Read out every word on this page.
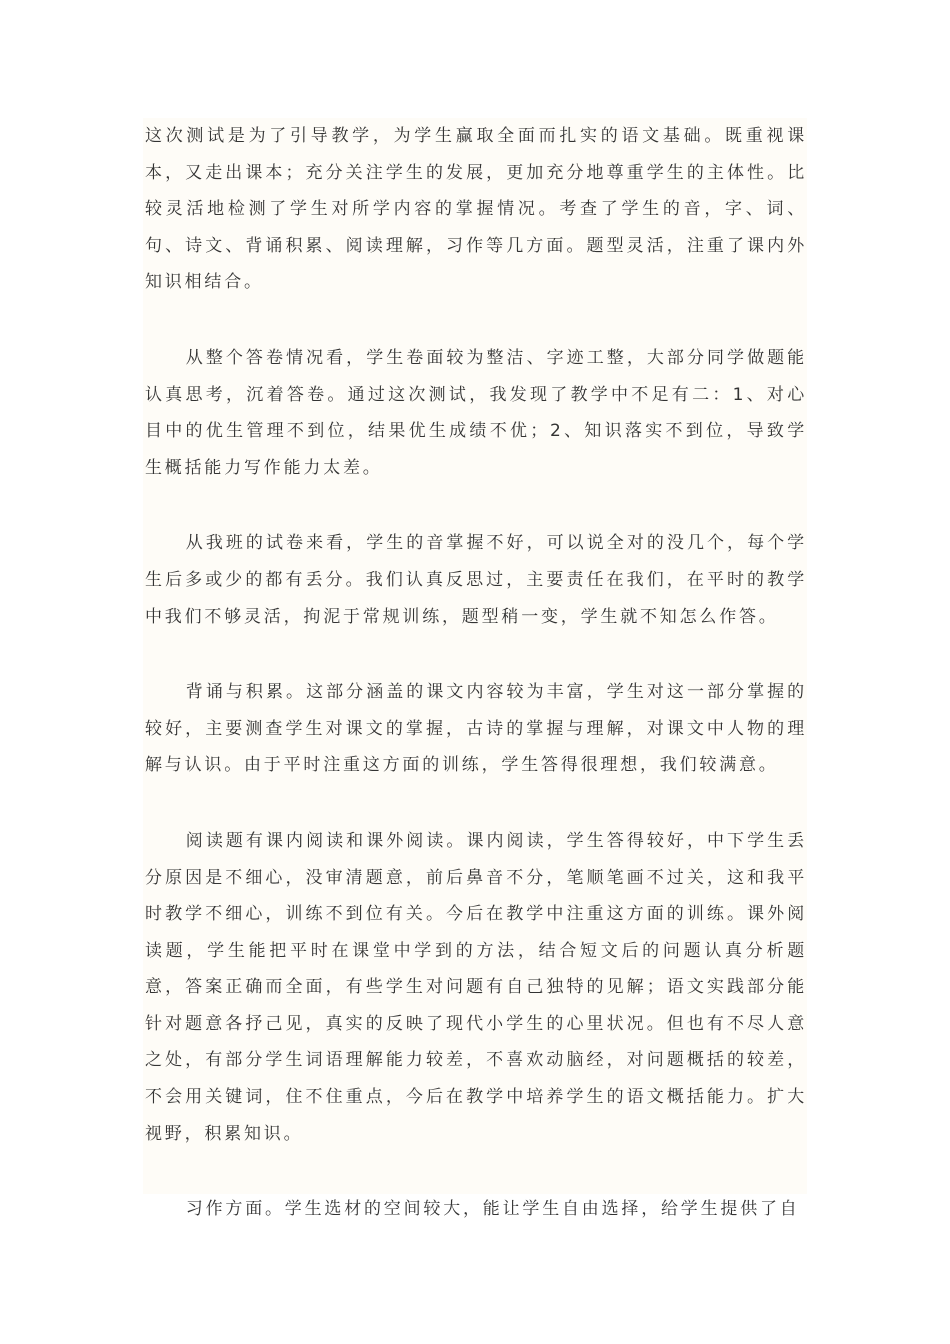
这次测试是为了引导教学，为学生赢取全面而扎实的语文基础。既重视课本，又走出课本；充分关注学生的发展，更加充分地尊重学生的主体性。比较灵活地检测了学生对所学内容的掌握情况。考查了学生的音，字、词、句、诗文、背诵积累、阅读理解，习作等几方面。题型灵活，注重了课内外知识相结合。

从整个答卷情况看，学生卷面较为整洁、字迹工整，大部分同学做题能认真思考，沉着答卷。通过这次测试，我发现了教学中不足有二：1、对心目中的优生管理不到位，结果优生成绩不优；2、知识落实不到位，导致学生概括能力写作能力太差。

从我班的试卷来看，学生的音掌握不好，可以说全对的没几个，每个学生后多或少的都有丢分。我们认真反思过，主要责任在我们，在平时的教学中我们不够灵活，拘泥于常规训练，题型稍一变，学生就不知怎么作答。

背诵与积累。这部分涵盖的课文内容较为丰富，学生对这一部分掌握的较好，主要测查学生对课文的掌握，古诗的掌握与理解，对课文中人物的理解与认识。由于平时注重这方面的训练，学生答得很理想，我们较满意。

阅读题有课内阅读和课外阅读。课内阅读，学生答得较好，中下学生丢分原因是不细心，没审清题意，前后鼻音不分，笔顺笔画不过关，这和我平时教学不细心，训练不到位有关。今后在教学中注重这方面的训练。课外阅读题，学生能把平时在课堂中学到的方法，结合短文后的问题认真分析题意，答案正确而全面，有些学生对问题有自己独特的见解；语文实践部分能针对题意各抒己见，真实的反映了现代小学生的心里状况。但也有不尽人意之处，有部分学生词语理解能力较差，不喜欢动脑经，对问题概括的较差，不会用关键词，住不住重点，今后在教学中培养学生的语文概括能力。扩大视野，积累知识。

习作方面。学生选材的空间较大，能让学生自由选择，给学生提供了自
